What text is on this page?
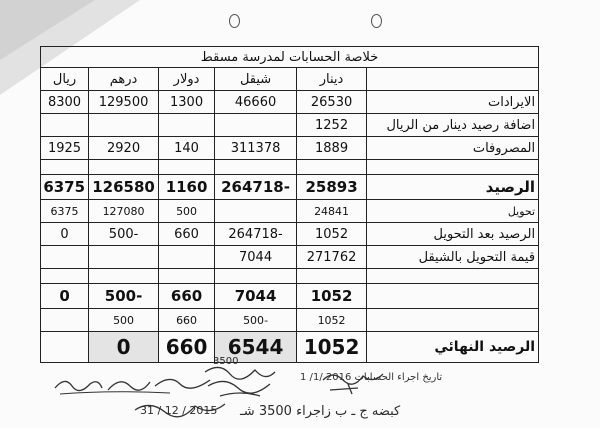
خلاصة الحسابات لمدرسة مسقط					
	دينار	شيقل	دولار	درهم	ريال
الايرادات	26530	46660	1300	129500	8300
اضافة رصيد دينار من الريال	1252				
المصروفات	1889	311378	140	2920	1925

الرصيد	25893	-264718	1160	126580	6375
تحويل	24841		500	127080	6375
الرصيد بعد التحويل	1052	-264718	660	-500	0
قيمة التحويل بالشيقل	271762	7044			

	1052	7044	660	-500	0
	1052	-500	660	500	
الرصيد النهائي	1052	6544	660	0	
3500
تاريخ اجراء الحسابات 2016 /1/ 1
كبضه ج ـ ب زاجراء 3500 شـ
2015 / 12 / 31
